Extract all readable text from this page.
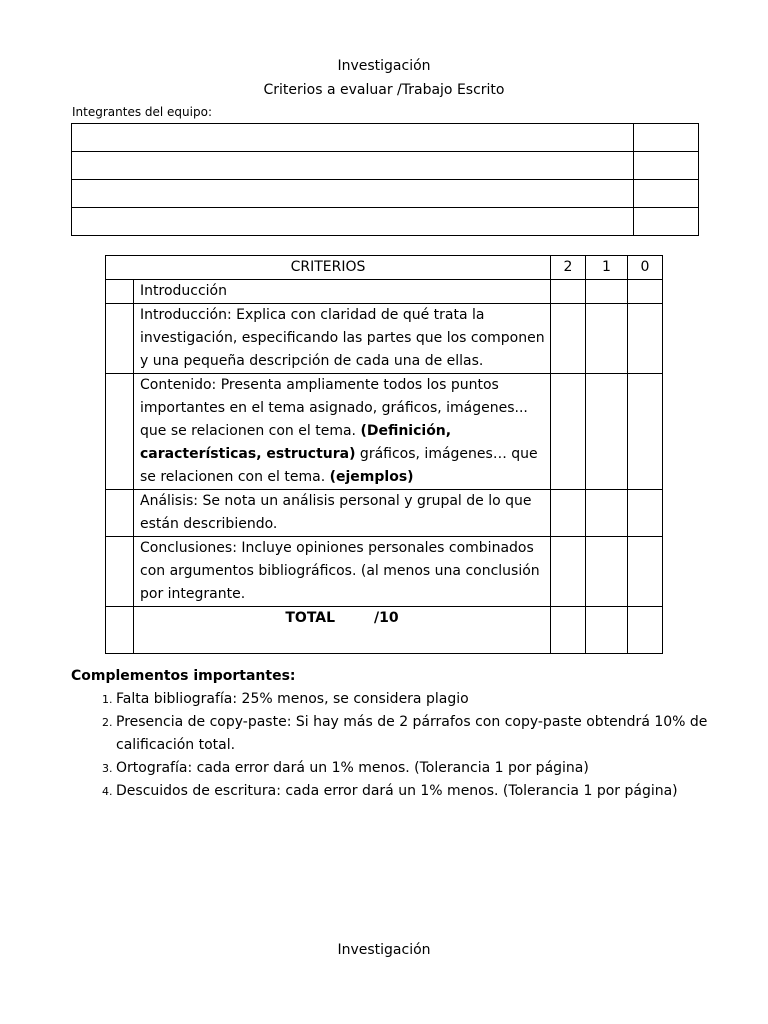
Investigación
Criterios a evaluar /Trabajo Escrito
Integrantes del equipo:

CRITERIOS		2	1	0
	Introducción			
	Introducción: Explica con claridad de qué trata la investigación, especificando las partes que los componen y una pequeña descripción de cada una de ellas.			
	Contenido: Presenta ampliamente todos los puntos importantes en el tema asignado, gráficos, imágenes... que se relacionen con el tema. (Definición, características, estructura) gráficos, imágenes… que se relacionen con el tema. (ejemplos)			
	Análisis: Se nota un análisis personal y grupal de lo que están describiendo.			
	Conclusiones: Incluye opiniones personales combinados con argumentos bibliográficos. (al menos una conclusión por integrante.			
	TOTAL        /10			
Complementos importantes:
1. Falta bibliografía: 25% menos, se considera plagio
2. Presencia de copy-paste: Si hay más de 2 párrafos con copy-paste obtendrá 10% de calificación total.
3. Ortografía: cada error dará un 1% menos. (Tolerancia 1 por página)
4. Descuidos de escritura: cada error dará un 1% menos. (Tolerancia 1 por página)
Investigación
